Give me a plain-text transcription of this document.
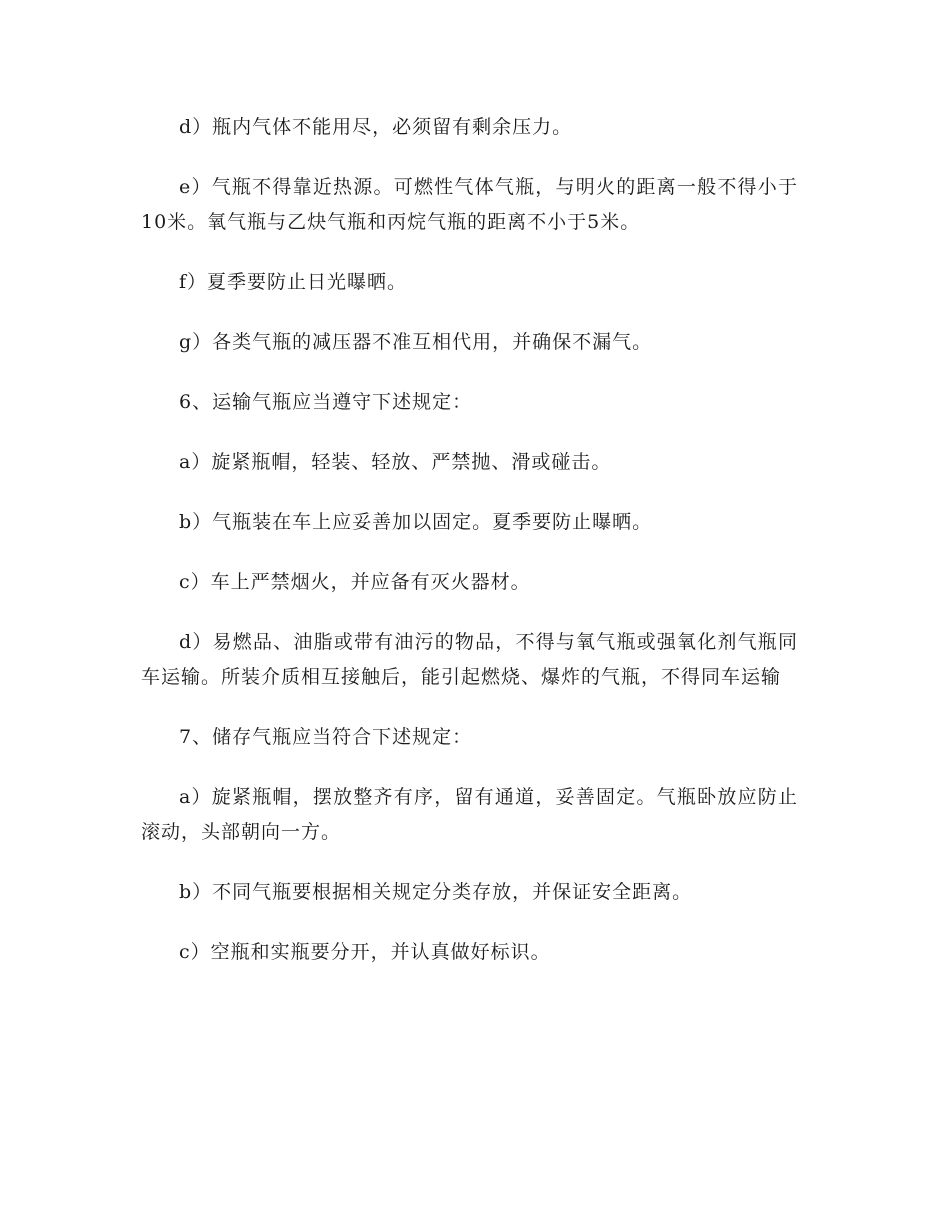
d）瓶内气体不能用尽，必须留有剩余压力。

e）气瓶不得靠近热源。可燃性气体气瓶，与明火的距离一般不得小于10米。氧气瓶与乙炔气瓶和丙烷气瓶的距离不小于5米。

f）夏季要防止日光曝晒。

g）各类气瓶的减压器不准互相代用，并确保不漏气。

6、运输气瓶应当遵守下述规定：

a）旋紧瓶帽，轻装、轻放、严禁抛、滑或碰击。

b）气瓶装在车上应妥善加以固定。夏季要防止曝晒。

c）车上严禁烟火，并应备有灭火器材。

d）易燃品、油脂或带有油污的物品，不得与氧气瓶或强氧化剂气瓶同车运输。所装介质相互接触后，能引起燃烧、爆炸的气瓶，不得同车运输

7、储存气瓶应当符合下述规定：

a）旋紧瓶帽，摆放整齐有序，留有通道，妥善固定。气瓶卧放应防止滚动，头部朝向一方。

b）不同气瓶要根据相关规定分类存放，并保证安全距离。

c）空瓶和实瓶要分开，并认真做好标识。
